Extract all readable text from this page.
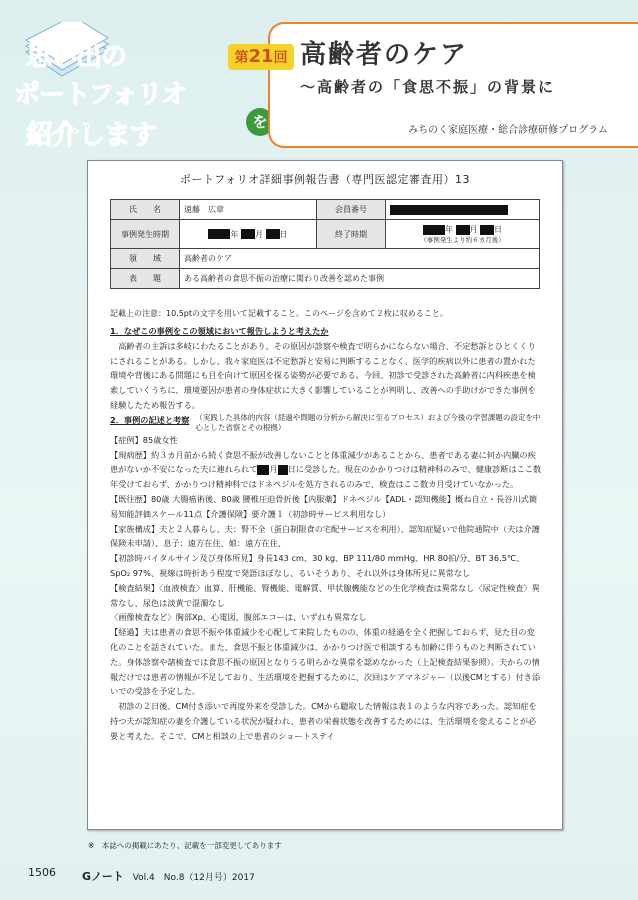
思い出の
ポートフォリオ
を
紹介します
第21回 高齢者のケア
〜高齢者の「食思不振」の背景に
みちのく家庭医療・総合診療研修プログラム
ポートフォリオ詳細事例報告書（専門医認定審査用）13
氏　　名	遠藤　広章	会員番号	
事例発生時期	年 月 日	終了時期	年 月 日
（事例発生より約６カ月後）

領　　域	高齢者のケア		
表　　題	ある高齢者の食思不振の治療に関わり改善を認めた事例		
記載上の注意：10.5ptの文字を用いて記載すること。このページを含めて２枚に収めること。

1．なぜこの事例をこの領域において報告しようと考えたか

高齢者の主訴は多岐にわたることがあり、その原因が診察や検査で明らかにならない場合、不定愁訴とひとくくりにされることがある。しかし、我々家庭医は不定愁訴と安易に判断することなく、医学的疾病以外に患者の置かれた環境や背後にある問題にも目を向けて原因を探る姿勢が必要である。今回、初診で受診された高齢者に内科疾患を検索していくうちに、環境要因が患者の身体症状に大きく影響していることが判明し、改善への手助けができた事例を経験したため報告する。

2．事例の記述と考察 （実践した具体的内容（経過や問題の分析から解決に至るプロセス）および今後の学習課題の設定を中心とした省察とその根拠）

【症例】85歳女性

【現病歴】約３カ月前から続く食思不振が改善しないことと体重減少があることから、患者である妻に何か内臓の疾患がないか不安になった夫に連れられて 月 日に受診した。現在のかかりつけは精神科のみで、健康診断はここ数年受けておらず、かかりつけ精神科ではドネペジルを処方されるのみで、検査はここ数カ月受けていなかった。

【既往歴】80歳 大腸癌術後、80歳 腰椎圧迫骨折後【内服薬】ドネペジル【ADL・認知機能】概ね自立・長谷川式簡易知能評価スケール11点【介護保険】要介護１（初診時サービス利用なし）

【家族構成】夫と２人暮らし、夫：腎不全（蛋白制限食の宅配サービスを利用）、認知症疑いで他院通院中（夫は介護保険未申請）、息子：遠方在住、娘：遠方在住、

【初診時バイタルサイン及び身体所見】身長143 cm、30 kg、BP 111/80 mmHg、HR 80拍/分、BT 36.5℃、SpO₂ 97%、視線は時折あう程度で発語ほぼなし、るいそうあり、それ以外は身体所見に異常なし

【検査結果】〈血液検査〉血算、肝機能、腎機能、電解質、甲状腺機能などの生化学検査は異常なし〈尿定性検査〉異常なし、尿色は淡黄で混濁なし

〈画像検査など〉胸部Xp、心電図、腹部エコーは、いずれも異常なし

【経過】夫は患者の食思不振や体重減少を心配して来院したものの、体重の経過を全く把握しておらず、見た目の変化のことを話されていた。また、食思不振と体重減少は、かかりつけ医で相談するも加齢に伴うものと判断されていた。身体診察や諸検査では食思不振の原因となりうる明らかな異常を認めなかった（上記検査結果参照）。夫からの情報だけでは患者の情報が不足しており、生活環境を把握するために、次回はケアマネジャー（以後CMとする）付き添いでの受診を予定した。

初診の２日後、CM付き添いで再度外来を受診した。CMから聴取した情報は表１のような内容であった。認知症を持つ夫が認知症の妻を介護している状況が疑われ、患者の栄養状態を改善するためには、生活環境を変えることが必要と考えた。そこで、CMと相談の上で患者のショートステイ

※　本誌への掲載にあたり、記載を一部変更してあります
1506 Gノート　 Vol.4　No.8（12月号）2017
